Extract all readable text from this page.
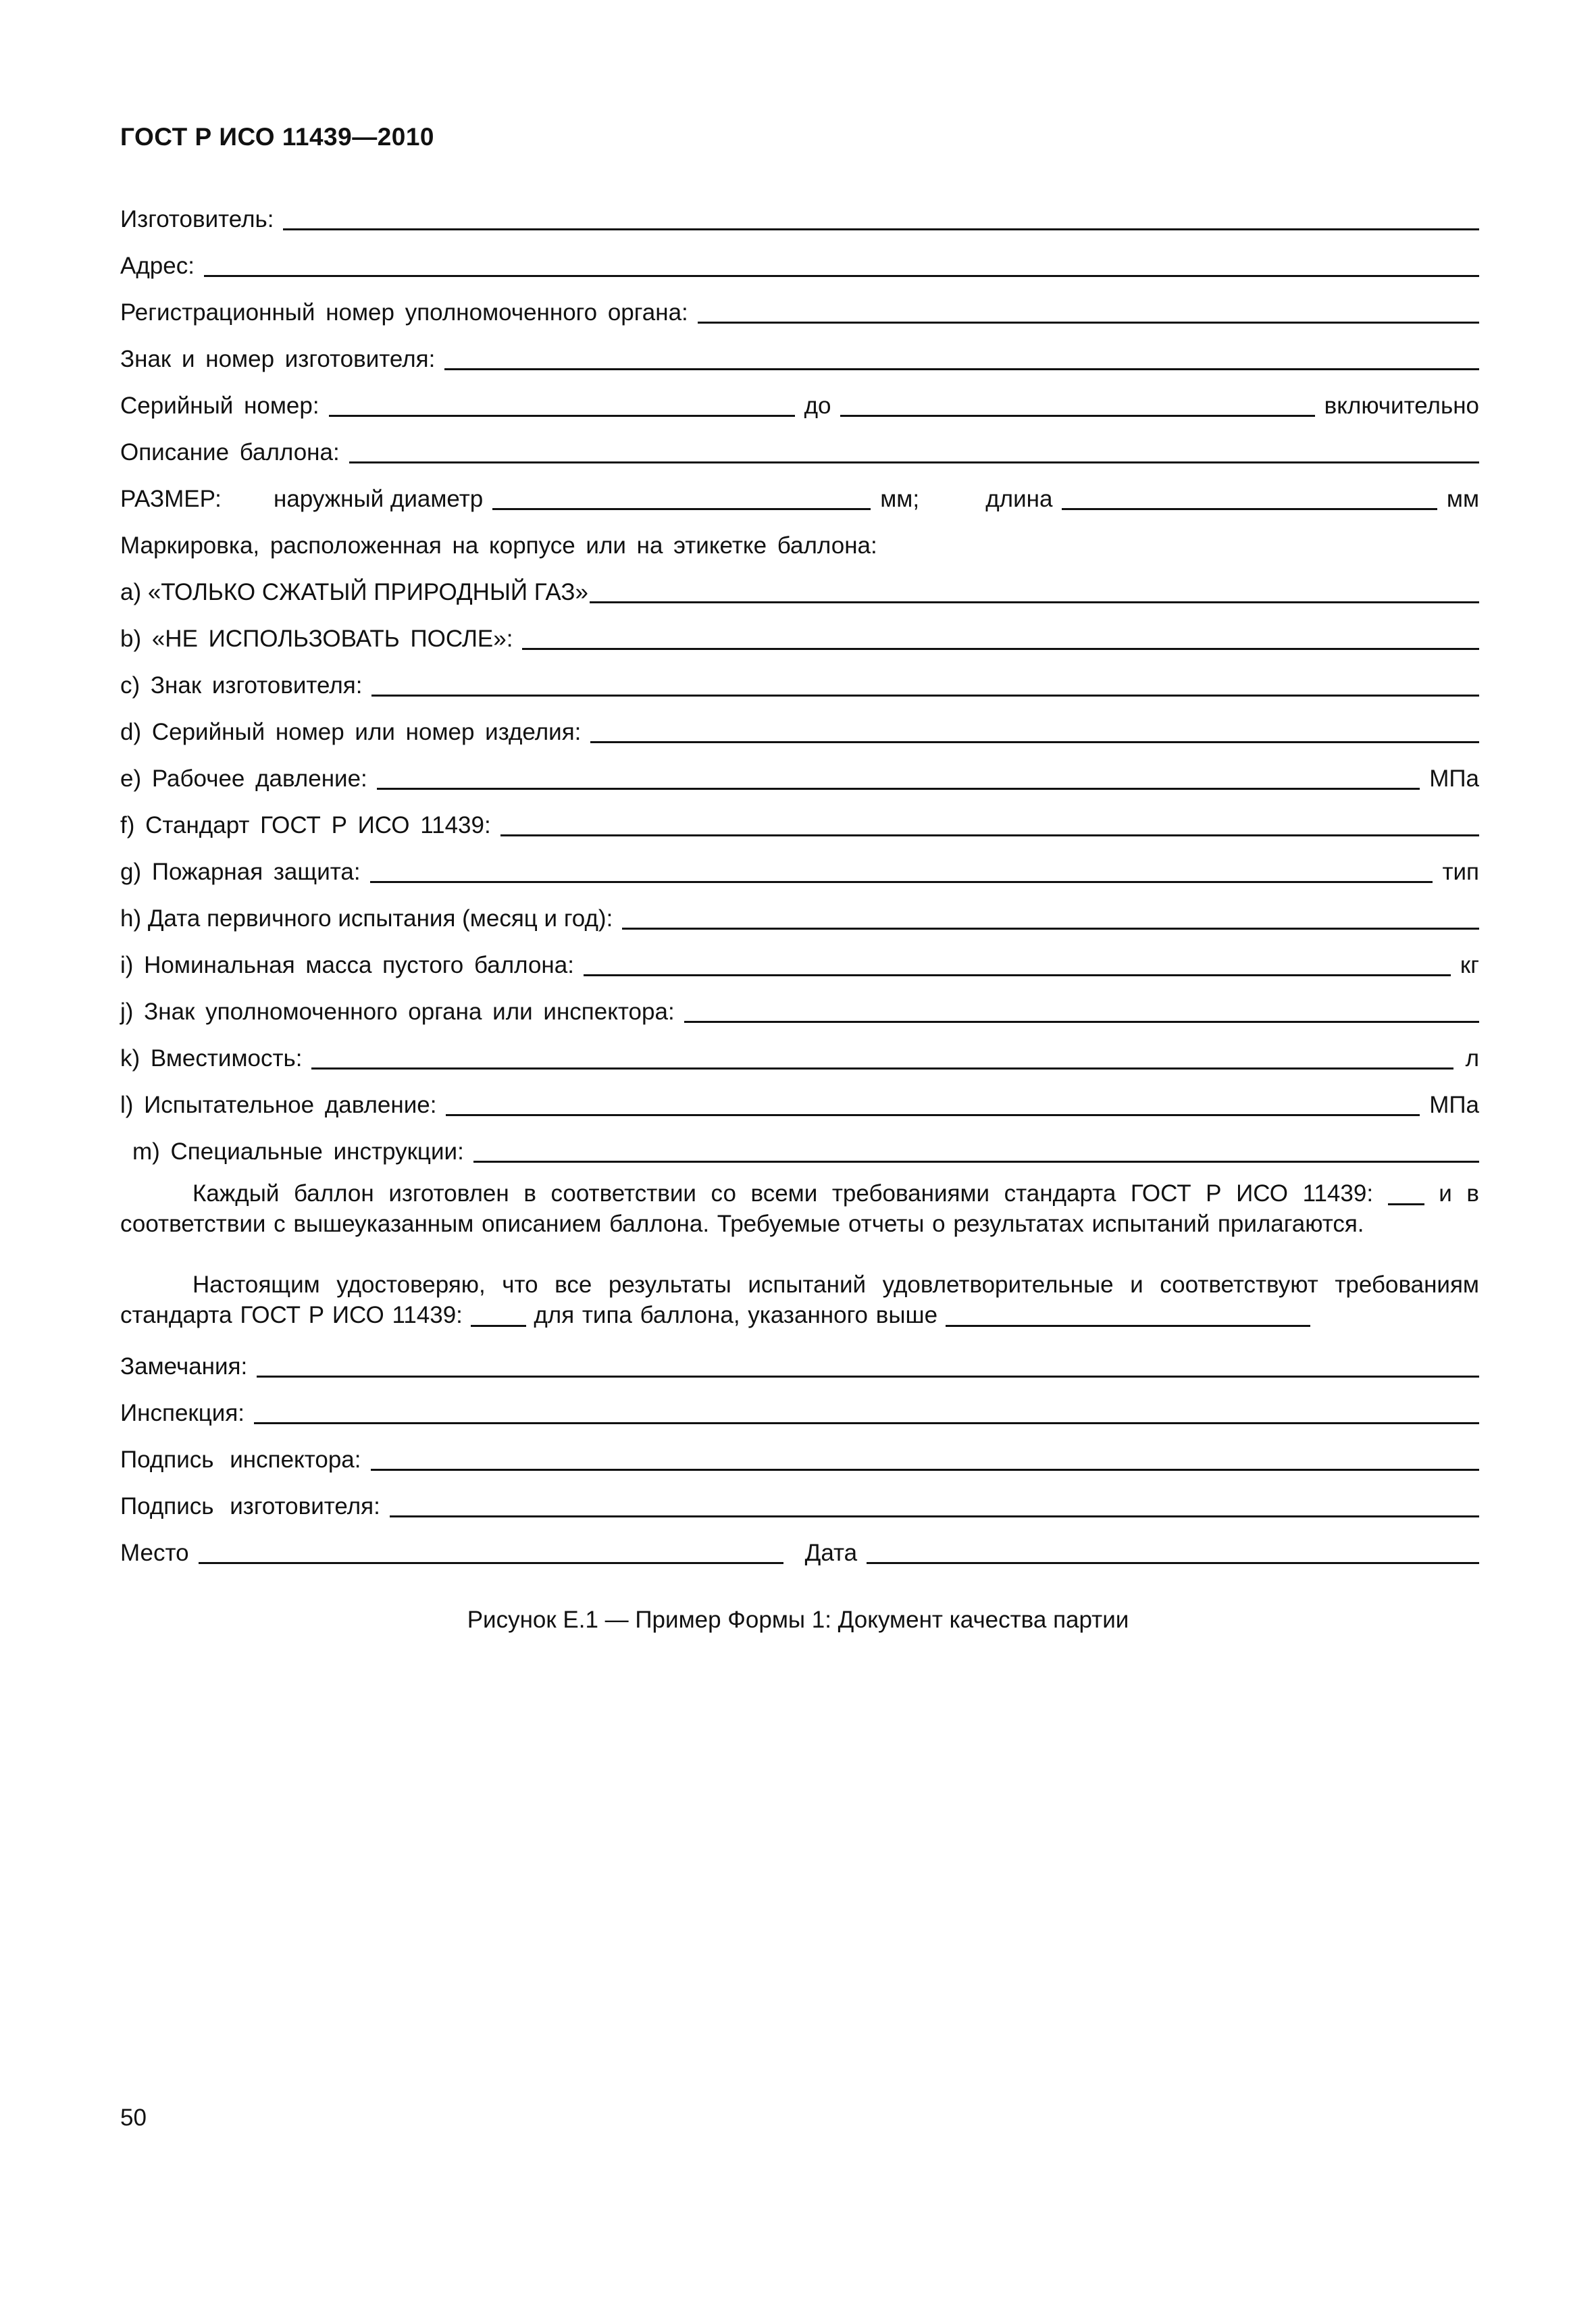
ГОСТ Р ИСО 11439—2010
Изготовитель:
Адрес:
Регистрационный номер уполномоченного органа:
Знак и номер изготовителя:
Серийный номер:	до	включительно
Описание баллона:
РАЗМЕР:	наружный диаметр	мм;	длина	мм
Маркировка, расположенная на корпусе или на этикетке баллона:
а) «ТОЛЬКО СЖАТЫЙ ПРИРОДНЫЙ ГАЗ»
b) «НЕ ИСПОЛЬЗОВАТЬ ПОСЛЕ»:
с) Знак изготовителя:
d) Серийный номер или номер изделия:
е) Рабочее давление:	МПа
f) Стандарт ГОСТ Р ИСО 11439:
g) Пожарная защита:	тип
h) Дата первичного испытания (месяц и год):
i) Номинальная масса пустого баллона:	кг
j) Знак уполномоченного органа или инспектора:
k) Вместимость:	л
l) Испытательное давление:	МПа
m) Специальные инструкции:
Каждый баллон изготовлен в соответствии со всеми требованиями стандарта ГОСТ Р ИСО 11439:	и в соответствии с вышеуказанным описанием баллона. Требуемые отчеты о результатах испытаний прилагаются.
Настоящим удостоверяю, что все результаты испытаний удовлетворительные и соответствуют требованиям стандарта ГОСТ Р ИСО 11439:	для типа баллона, указанного выше
Замечания:
Инспекция:
Подпись инспектора:
Подпись изготовителя:
Место	Дата
Рисунок Е.1 — Пример Формы 1: Документ качества партии
50
